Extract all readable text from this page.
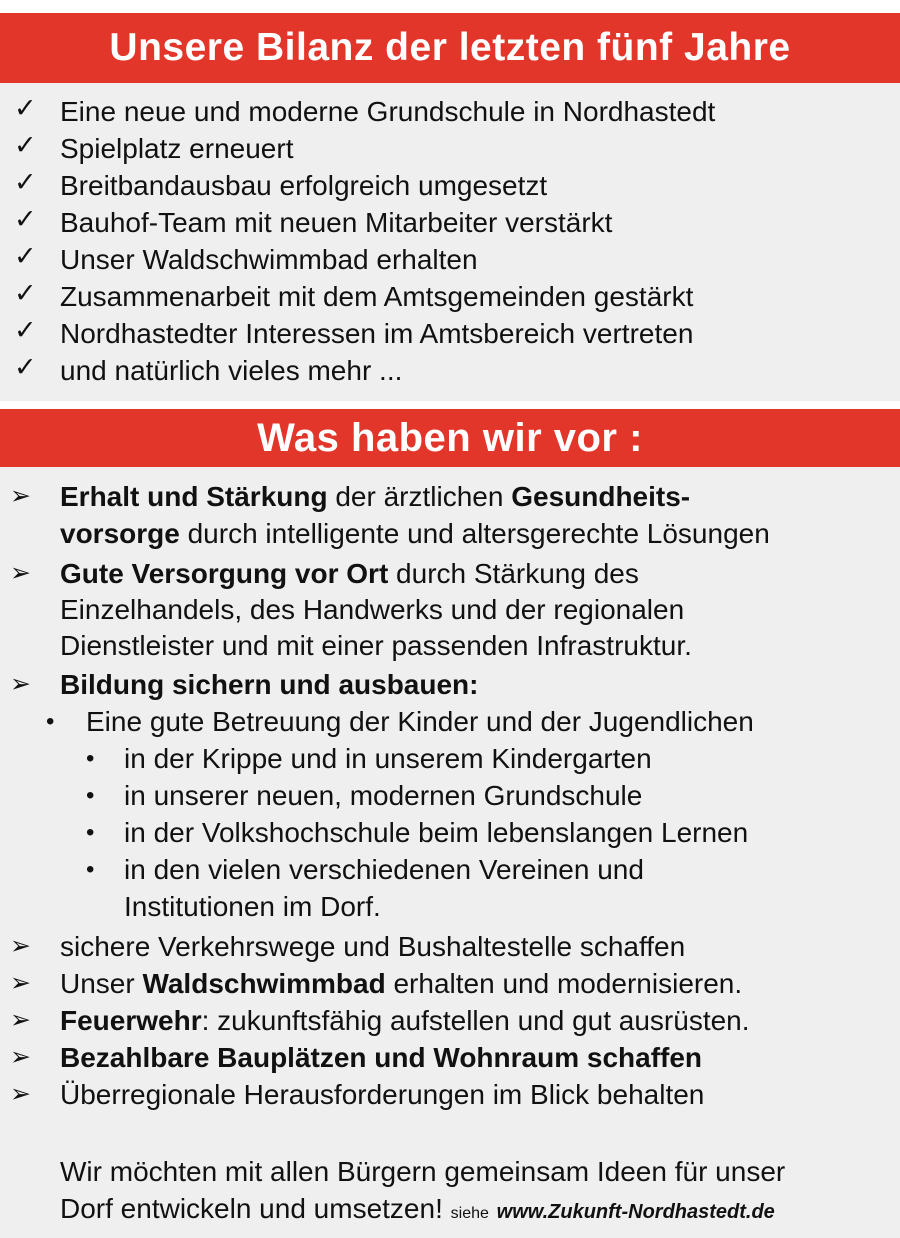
Unsere Bilanz der letzten fünf Jahre
✓ Eine neue und moderne Grundschule in Nordhastedt
✓ Spielplatz erneuert
✓ Breitbandausbau erfolgreich umgesetzt
✓ Bauhof-Team mit neuen Mitarbeiter verstärkt
✓ Unser Waldschwimmbad erhalten
✓ Zusammenarbeit mit dem Amtsgemeinden gestärkt
✓ Nordhastedter Interessen im Amtsbereich vertreten
✓ und natürlich vieles mehr ...
Was haben wir vor :
➢ Erhalt und Stärkung der ärztlichen Gesundheits-
vorsorge durch intelligente und altersgerechte Lösungen
➢ Gute Versorgung vor Ort durch Stärkung des
Einzelhandels, des Handwerks und der regionalen
Dienstleister und mit einer passenden Infrastruktur.
➢ Bildung sichern und ausbauen:
• Eine gute Betreuung der Kinder und der Jugendlichen
• in der Krippe und in unserem Kindergarten
• in unserer neuen, modernen Grundschule
• in der Volkshochschule beim lebenslangen Lernen
• in den vielen verschiedenen Vereinen und
Institutionen im Dorf.
➢ sichere Verkehrswege und Bushaltestelle schaffen
➢ Unser Waldschwimmbad erhalten und modernisieren.
➢ Feuerwehr: zukunftsfähig aufstellen und gut ausrüsten.
➢ Bezahlbare Bauplätzen und Wohnraum schaffen
➢ Überregionale Herausforderungen im Blick behalten
Wir möchten mit allen Bürgern gemeinsam Ideen für unser
Dorf entwickeln und umsetzen! siehe www.Zukunft-Nordhastedt.de
